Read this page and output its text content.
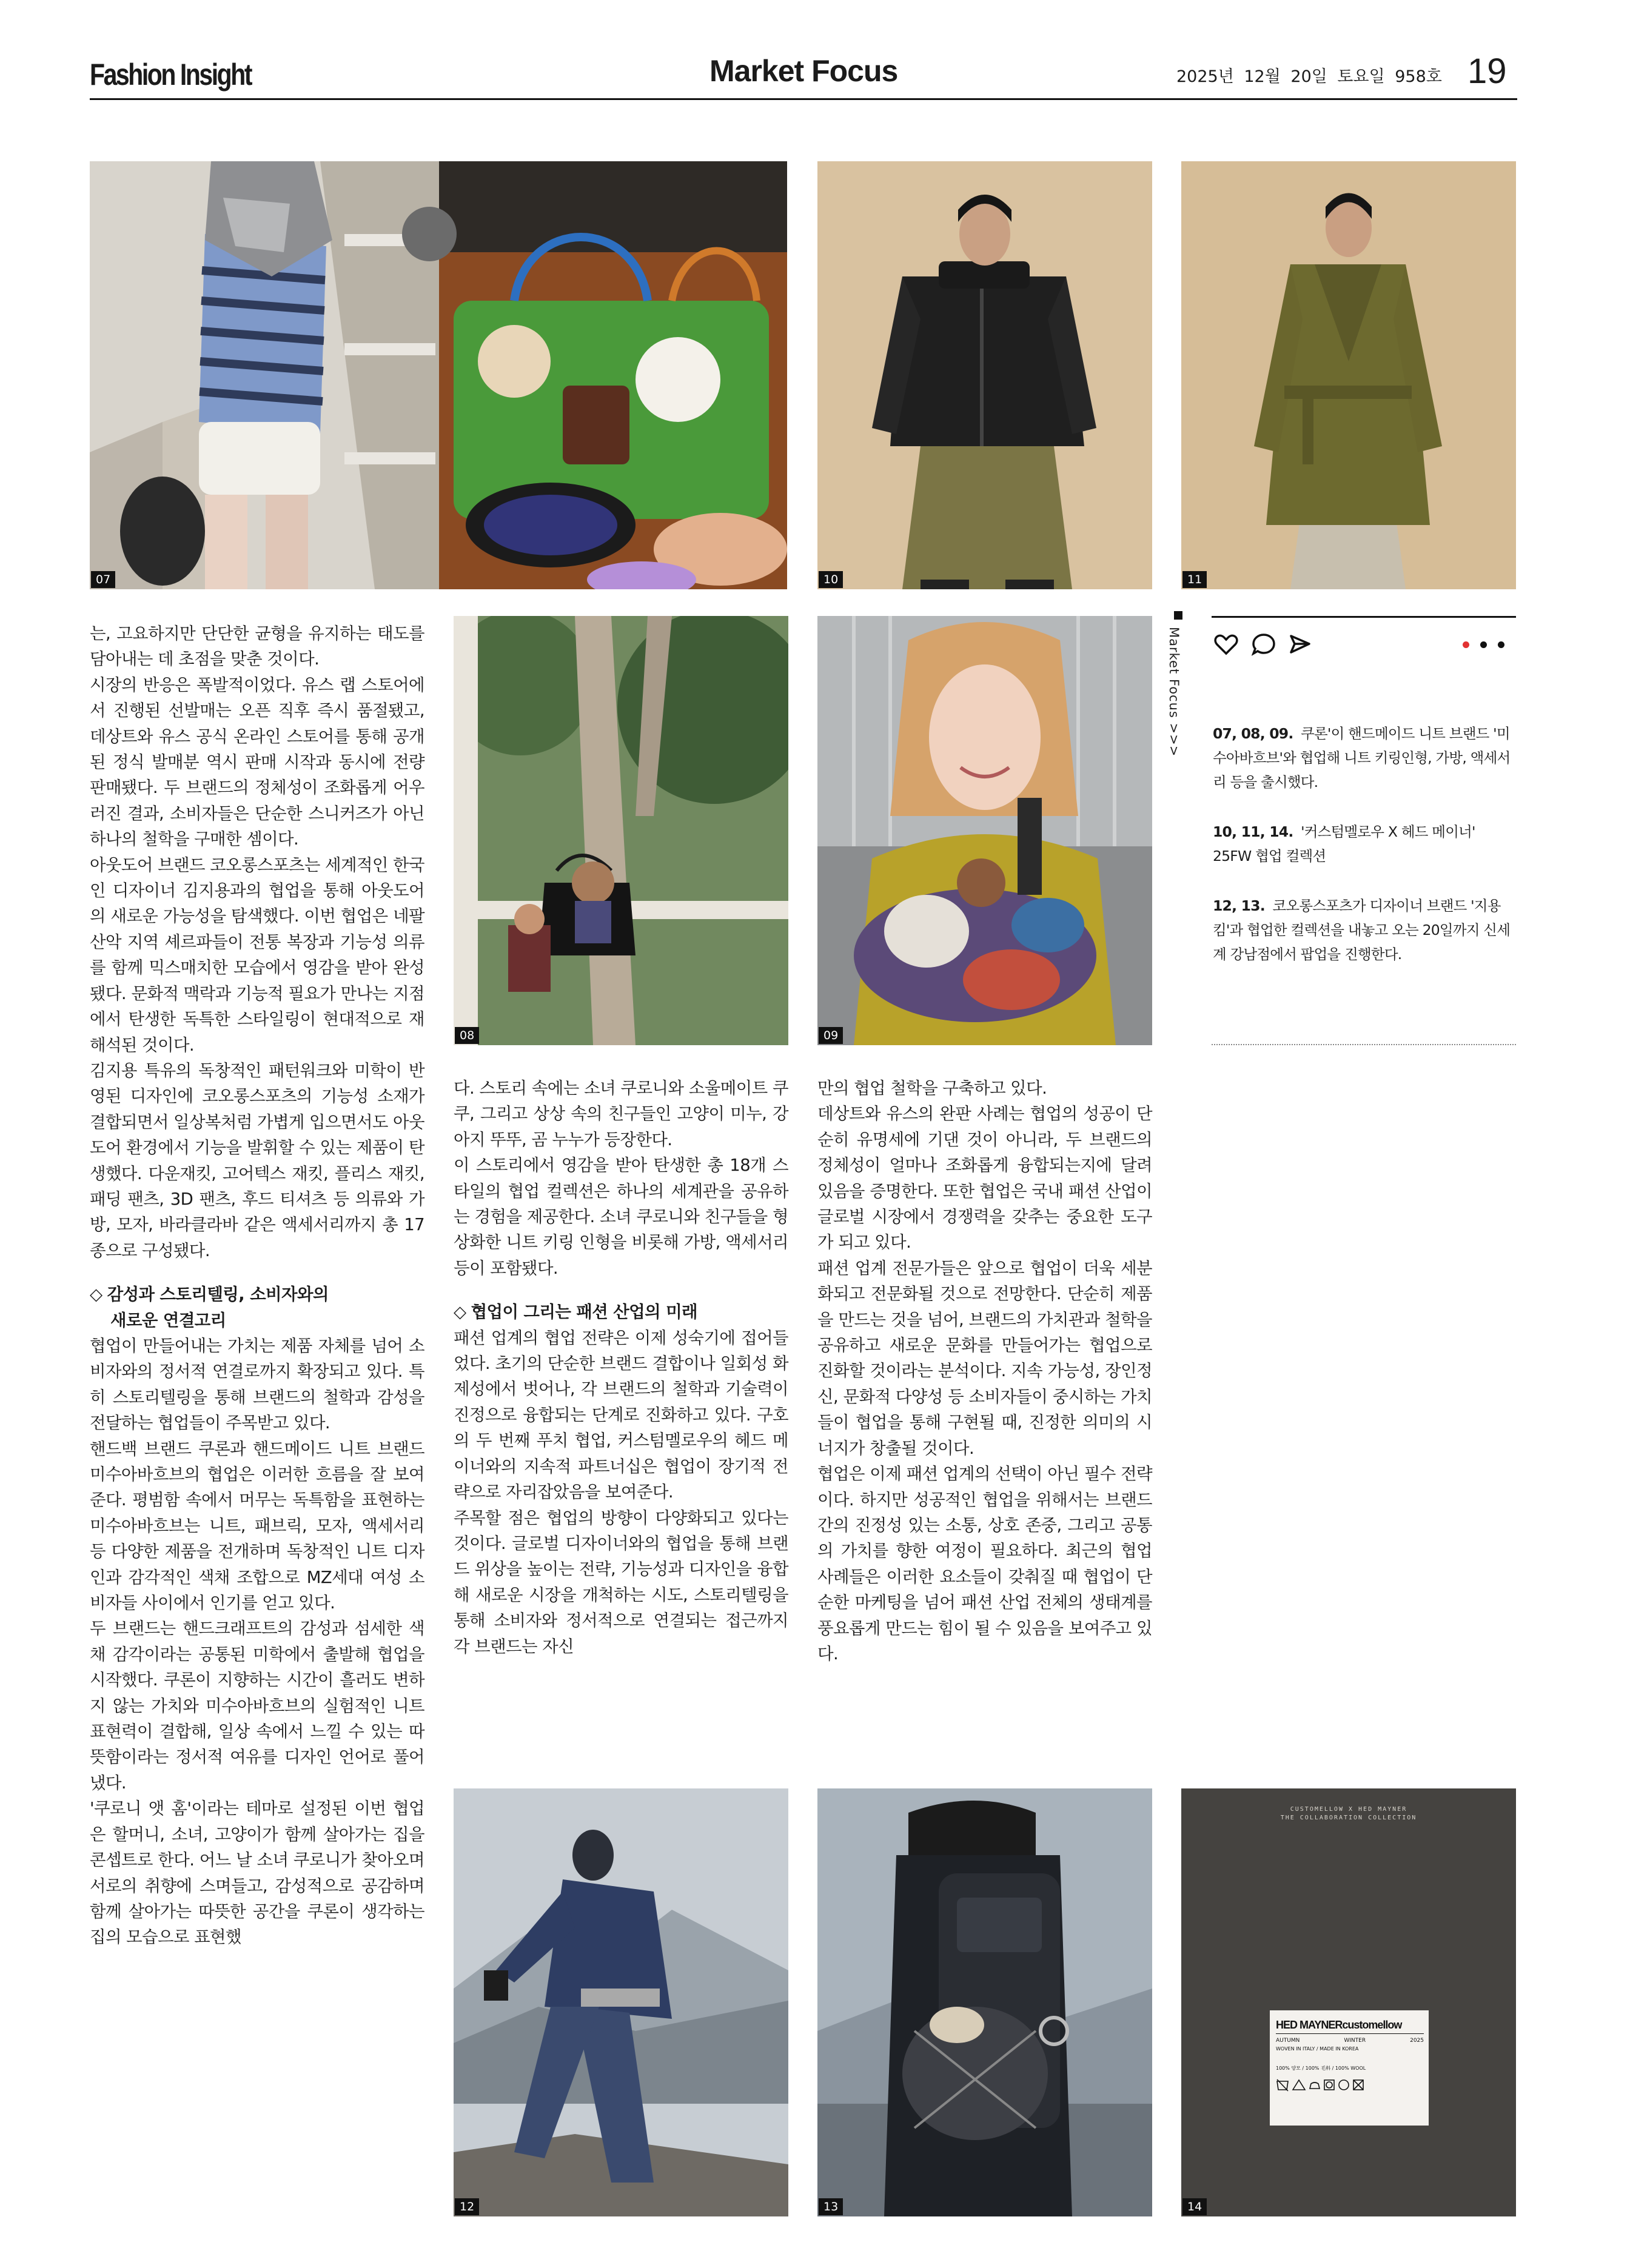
Fashion Insight	Market Focus	2025년 12월 20일 토요일 958호 19
07	10	11
08	09
Market Focus >>> 07, 08, 09. 쿠론'이 핸드메이드 니트 브랜드 '미수아바흐브'와 협업해 니트 키링인형, 가방, 액세서리 등을 출시했다.
10, 11, 14. '커스텀멜로우 X 헤드 메이너' 25FW 협업 컬렉션
12, 13. 코오롱스포츠가 디자이너 브랜드 '지용킴'과 협업한 컬렉션을 내놓고 오는 20일까지 신세계 강남점에서 팝업을 진행한다.

는, 고요하지만 단단한 균형을 유지하는 태도를 담아내는 데 초점을 맞춘 것이다.

시장의 반응은 폭발적이었다. 유스 랩 스토어에서 진행된 선발매는 오픈 직후 즉시 품절됐고, 데상트와 유스 공식 온라인 스토어를 통해 공개된 정식 발매분 역시 판매 시작과 동시에 전량 판매됐다. 두 브랜드의 정체성이 조화롭게 어우러진 결과, 소비자들은 단순한 스니커즈가 아닌 하나의 철학을 구매한 셈이다.

아웃도어 브랜드 코오롱스포츠는 세계적인 한국인 디자이너 김지용과의 협업을 통해 아웃도어의 새로운 가능성을 탐색했다. 이번 협업은 네팔 산악 지역 셰르파들이 전통 복장과 기능성 의류를 함께 믹스매치한 모습에서 영감을 받아 완성됐다. 문화적 맥락과 기능적 필요가 만나는 지점에서 탄생한 독특한 스타일링이 현대적으로 재해석된 것이다.

김지용 특유의 독창적인 패턴워크와 미학이 반영된 디자인에 코오롱스포츠의 기능성 소재가 결합되면서 일상복처럼 가볍게 입으면서도 아웃도어 환경에서 기능을 발휘할 수 있는 제품이 탄생했다. 다운재킷, 고어텍스 재킷, 플리스 재킷, 패딩 팬츠, 3D 팬츠, 후드 티셔츠 등 의류와 가방, 모자, 바라클라바 같은 액세서리까지 총 17종으로 구성됐다.

◇ 감성과 스토리텔링, 소비자와의
새로운 연결고리

협업이 만들어내는 가치는 제품 자체를 넘어 소비자와의 정서적 연결로까지 확장되고 있다. 특히 스토리텔링을 통해 브랜드의 철학과 감성을 전달하는 협업들이 주목받고 있다.

핸드백 브랜드 쿠론과 핸드메이드 니트 브랜드 미수아바흐브의 협업은 이러한 흐름을 잘 보여준다. 평범함 속에서 머무는 독특함을 표현하는 미수아바흐브는 니트, 패브릭, 모자, 액세서리 등 다양한 제품을 전개하며 독창적인 니트 디자인과 감각적인 색채 조합으로 MZ세대 여성 소비자들 사이에서 인기를 얻고 있다.

두 브랜드는 핸드크래프트의 감성과 섬세한 색채 감각이라는 공통된 미학에서 출발해 협업을 시작했다. 쿠론이 지향하는 시간이 흘러도 변하지 않는 가치와 미수아바흐브의 실험적인 니트 표현력이 결합해, 일상 속에서 느낄 수 있는 따뜻함이라는 정서적 여유를 디자인 언어로 풀어냈다.

'쿠로니 앳 홈'이라는 테마로 설정된 이번 협업은 할머니, 소녀, 고양이가 함께 살아가는 집을 콘셉트로 한다. 어느 날 소녀 쿠로니가 찾아오며 서로의 취향에 스며들고, 감성적으로 공감하며 함께 살아가는 따뜻한 공간을 쿠론이 생각하는 집의 모습으로 표현했

다. 스토리 속에는 소녀 쿠로니와 소울메이트 쿠쿠, 그리고 상상 속의 친구들인 고양이 미누, 강아지 뚜뚜, 곰 누누가 등장한다.

이 스토리에서 영감을 받아 탄생한 총 18개 스타일의 협업 컬렉션은 하나의 세계관을 공유하는 경험을 제공한다. 소녀 쿠로니와 친구들을 형상화한 니트 키링 인형을 비롯해 가방, 액세서리 등이 포함됐다.

◇ 협업이 그리는 패션 산업의 미래

패션 업계의 협업 전략은 이제 성숙기에 접어들었다. 초기의 단순한 브랜드 결합이나 일회성 화제성에서 벗어나, 각 브랜드의 철학과 기술력이 진정으로 융합되는 단계로 진화하고 있다. 구호의 두 번째 푸치 협업, 커스텀멜로우의 헤드 메이너와의 지속적 파트너십은 협업이 장기적 전략으로 자리잡았음을 보여준다.

주목할 점은 협업의 방향이 다양화되고 있다는 것이다. 글로벌 디자이너와의 협업을 통해 브랜드 위상을 높이는 전략, 기능성과 디자인을 융합해 새로운 시장을 개척하는 시도, 스토리텔링을 통해 소비자와 정서적으로 연결되는 접근까지 각 브랜드는 자신

만의 협업 철학을 구축하고 있다.

데상트와 유스의 완판 사례는 협업의 성공이 단순히 유명세에 기댄 것이 아니라, 두 브랜드의 정체성이 얼마나 조화롭게 융합되는지에 달려 있음을 증명한다. 또한 협업은 국내 패션 산업이 글로벌 시장에서 경쟁력을 갖추는 중요한 도구가 되고 있다.

패션 업계 전문가들은 앞으로 협업이 더욱 세분화되고 전문화될 것으로 전망한다. 단순히 제품을 만드는 것을 넘어, 브랜드의 가치관과 철학을 공유하고 새로운 문화를 만들어가는 협업으로 진화할 것이라는 분석이다. 지속 가능성, 장인정신, 문화적 다양성 등 소비자들이 중시하는 가치들이 협업을 통해 구현될 때, 진정한 의미의 시너지가 창출될 것이다.

협업은 이제 패션 업계의 선택이 아닌 필수 전략이다. 하지만 성공적인 협업을 위해서는 브랜드 간의 진정성 있는 소통, 상호 존중, 그리고 공통의 가치를 향한 여정이 필요하다. 최근의 협업 사례들은 이러한 요소들이 갖춰질 때 협업이 단순한 마케팅을 넘어 패션 산업 전체의 생태계를 풍요롭게 만드는 힘이 될 수 있음을 보여주고 있다.

12	13
CUSTOMELLOW X HED MAYNER
THE COLLABORATION COLLECTION
HED MAYNERcustomellow
AUTUMN	WINTER	2025
WOVEN IN ITALY / MADE IN KOREA
100% 양모 / 100% 毛料 / 100% WOOL
14
